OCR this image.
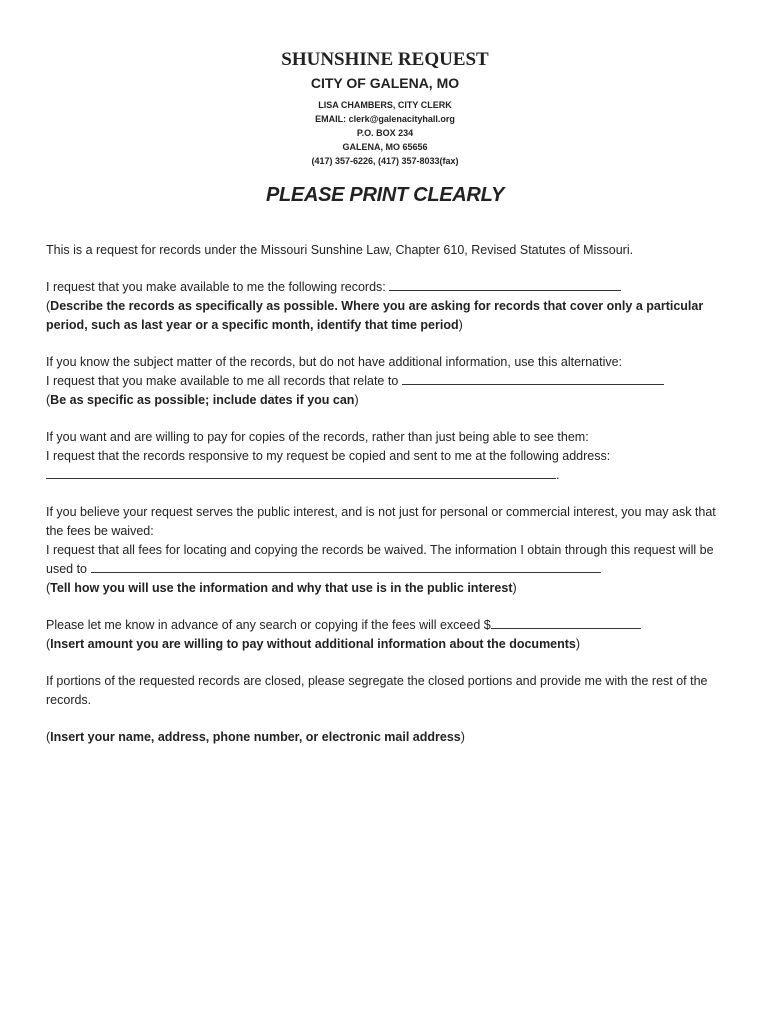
SHUNSHINE REQUEST
CITY OF GALENA, MO
LISA CHAMBERS, CITY CLERK
EMAIL: clerk@galenacityhall.org
P.O. BOX 234
GALENA, MO 65656
(417) 357-6226, (417) 357-8033(fax)
PLEASE PRINT CLEARLY

This is a request for records under the Missouri Sunshine Law, Chapter 610, Revised Statutes of Missouri.

I request that you make available to me the following records:
(Describe the records as specifically as possible. Where you are asking for records that cover only a particular period, such as last year or a specific month, identify that time period)

If you know the subject matter of the records, but do not have additional information, use this alternative:
I request that you make available to me all records that relate to
(Be as specific as possible; include dates if you can)

If you want and are willing to pay for copies of the records, rather than just being able to see them:
I request that the records responsive to my request be copied and sent to me at the following address:
.

If you believe your request serves the public interest, and is not just for personal or commercial interest, you may ask that the fees be waived:
I request that all fees for locating and copying the records be waived. The information I obtain through this request will be used to
(Tell how you will use the information and why that use is in the public interest)

Please let me know in advance of any search or copying if the fees will exceed $
(Insert amount you are willing to pay without additional information about the documents)

If portions of the requested records are closed, please segregate the closed portions and provide me with the rest of the records.

(Insert your name, address, phone number, or electronic mail address)
